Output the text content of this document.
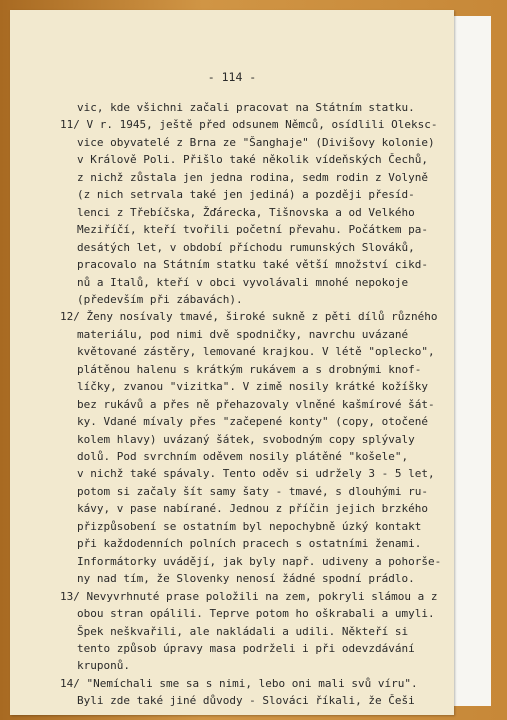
- 114 -
vic, kde všichni začali pracovat na Státním statku.
11/ V r. 1945, ještě před odsunem Němců, osídlili Oleksc-
vice obyvatelé z Brna ze "Šanghaje" (Divišovy kolonie)
v Králově Poli. Přišlo také několik vídeňských Čechů,
z nichž zůstala jen jedna rodina, sedm rodin z Volyně
(z nich setrvala také jen jediná) a později přesíd-
lenci z Třebíčska, Žďárecka, Tišnovska a od Velkého
Meziříčí, kteří tvořili početní převahu. Počátkem pa-
desátých let, v období příchodu rumunských Slováků,
pracovalo na Státním statku také větší množství cikd-
nů a Italů, kteří v obci vyvolávali mnohé nepokoje
(především při zábavách).
12/ Ženy nosívaly tmavé, široké sukně z pěti dílů různého
materiálu, pod nimi dvě spodničky, navrchu uvázané
květované zástěry, lemované krajkou. V létě "oplecko",
plátěnou halenu s krátkým rukávem a s drobnými knof-
líčky, zvanou "vizitka". V zimě nosily krátké kožíšky
bez rukávů a přes ně přehazovaly vlněné kašmírové šát-
ky. Vdané mívaly přes "začepené konty" (copy, otočené
kolem hlavy) uvázaný šátek, svobodným copy splývaly
dolů. Pod svrchním oděvem nosily plátěné "košele",
v nichž také spávaly. Tento oděv si udržely 3 - 5 let,
potom si začaly šít samy šaty - tmavé, s dlouhými ru-
kávy, v pase nabírané. Jednou z příčin jejich brzkého
přizpůsobení se ostatním byl nepochybně úzký kontakt
při každodenních polních pracech s ostatními ženami.
Informátorky uvádějí, jak byly např. udiveny a pohorše-
ny nad tím, že Slovenky nenosí žádné spodní prádlo.
13/ Nevyvrhnuté prase položili na zem, pokryli slámou a z
obou stran opálili. Teprve potom ho oškrabali a umyli.
Špek neškvařili, ale nakládali a udili. Někteří si
tento způsob úpravy masa podrželi i při odevzdávání
kruponů.
14/ "Nemíchali sme sa s nimi, lebo oni mali svů víru".
Byli zde také jiné důvody - Slováci říkali, že Češi
